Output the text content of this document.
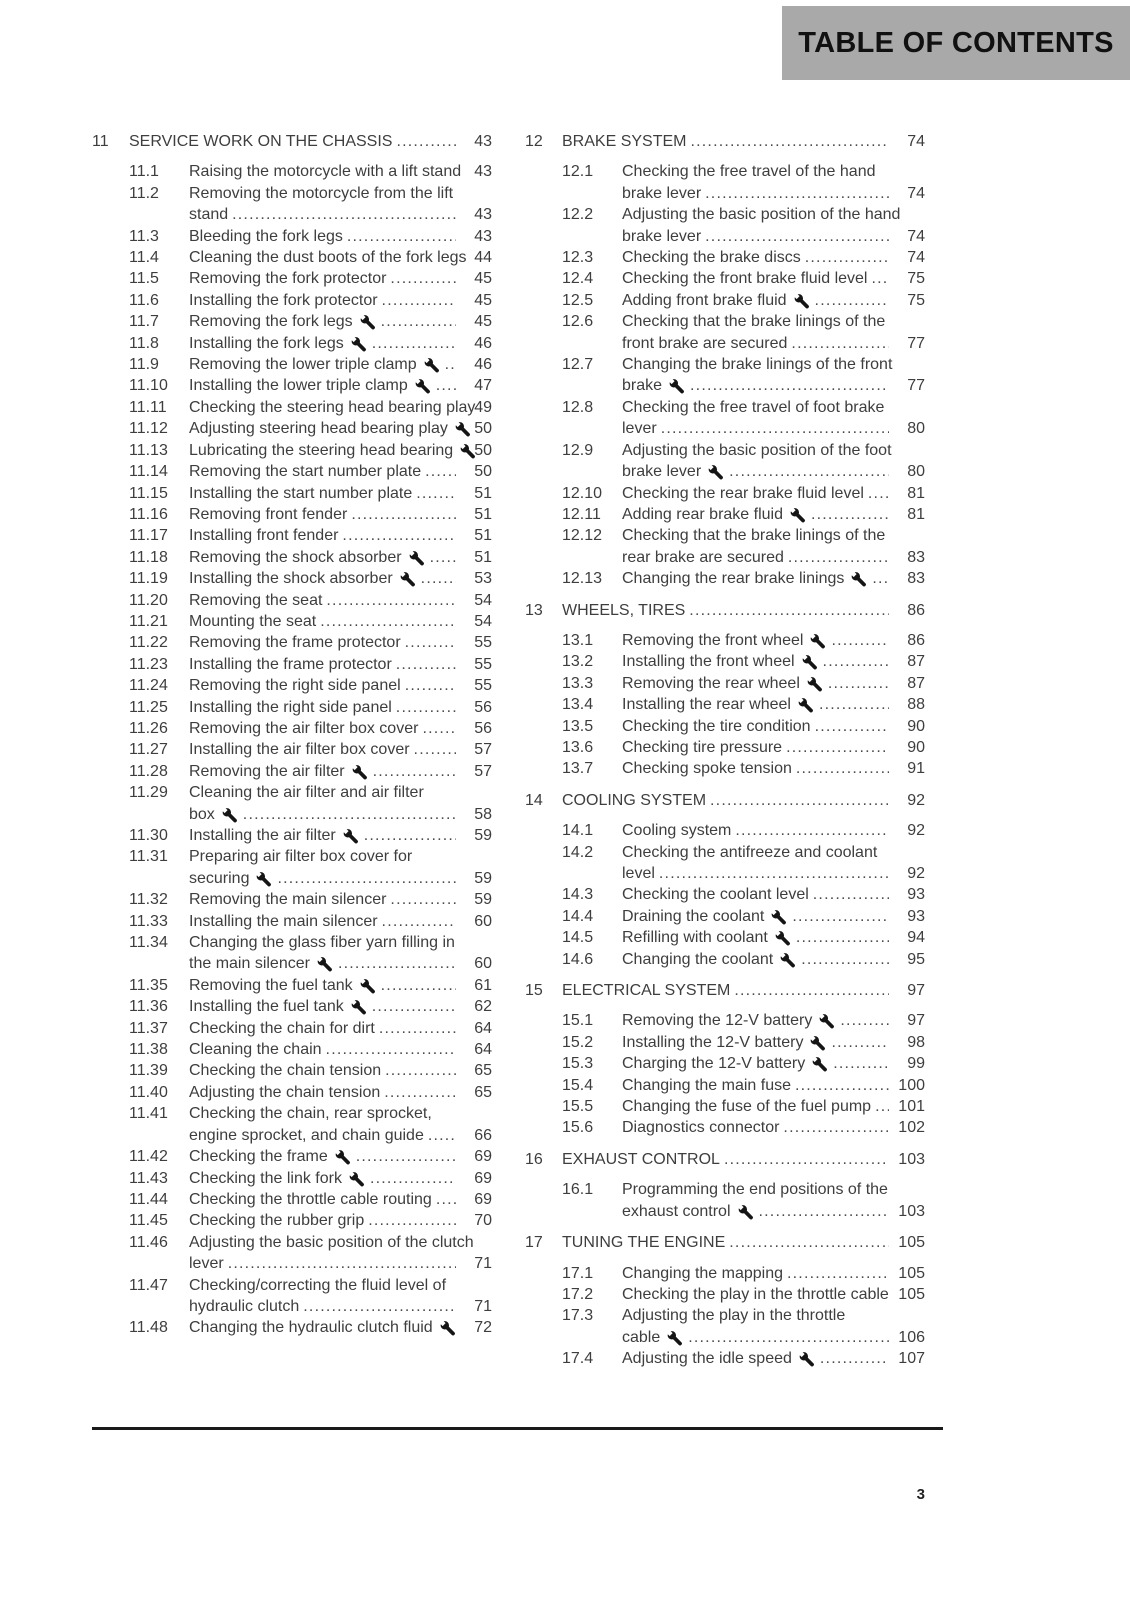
TABLE OF CONTENTS
11	SERVICE WORK ON THE CHASSIS .....	43
11.1	Raising the motorcycle with a lift stand 43
11.2	Removing the motorcycle from the lift
stand .....	43
11.3	Bleeding the fork legs .....	43
11.4	Cleaning the dust boots of the fork legs 44
11.5	Removing the fork protector .....	45
11.6	Installing the fork protector .....	45
11.7	Removing the fork legs .....	45
11.8	Installing the fork legs .....	46
11.9	Removing the lower triple clamp .....	46
11.10	Installing the lower triple clamp .....	47
11.11	Checking the steering head bearing play
49
11.12	Adjusting steering head bearing play 50
11.13	Lubricating the steering head bearing 50
11.14	Removing the start number plate .....	50
11.15	Installing the start number plate .....	51
11.16	Removing front fender .....	51
11.17	Installing front fender .....	51
11.18	Removing the shock absorber .....	51
11.19	Installing the shock absorber .....	53
11.20	Removing the seat .....	54
11.21	Mounting the seat .....	54
11.22	Removing the frame protector .....	55
11.23	Installing the frame protector .....	55
11.24	Removing the right side panel .....	55
11.25	Installing the right side panel .....	56
11.26	Removing the air filter box cover .....	56
11.27	Installing the air filter box cover .....	57
11.28	Removing the air filter .....	57
11.29	Cleaning the air filter and air filter
box .....	58
11.30	Installing the air filter .....	59
11.31	Preparing air filter box cover for
securing .....	59
11.32	Removing the main silencer .....	59
11.33	Installing the main silencer .....	60
11.34	Changing the glass fiber yarn filling in
the main silencer .....	60
11.35	Removing the fuel tank .....	61
11.36	Installing the fuel tank .....	62
11.37	Checking the chain for dirt .....	64
11.38	Cleaning the chain .....	64
11.39	Checking the chain tension .....	65
11.40	Adjusting the chain tension .....	65
11.41	Checking the chain, rear sprocket,
engine sprocket, and chain guide .....	66
11.42	Checking the frame .....	69
11.43	Checking the link fork .....	69
11.44	Checking the throttle cable routing .....	69
11.45	Checking the rubber grip .....	70
11.46	Adjusting the basic position of the clutch
lever .....	71
11.47	Checking/correcting the fluid level of
hydraulic clutch .....	71
11.48	Changing the hydraulic clutch fluid	72
12	BRAKE SYSTEM .....	74
12.1	Checking the free travel of the hand
brake lever .....	74
12.2	Adjusting the basic position of the hand
brake lever .....	74
12.3	Checking the brake discs .....	74
12.4	Checking the front brake fluid level ..... 75
12.5	Adding front brake fluid .....	75
12.6	Checking that the brake linings of the
front brake are secured .....	77
12.7	Changing the brake linings of the front
brake .....	77
12.8	Checking the free travel of foot brake
lever .....	80
12.9	Adjusting the basic position of the foot
brake lever .....	80
12.10	Checking the rear brake fluid level .....	81
12.11	Adding rear brake fluid .....	81
12.12	Checking that the brake linings of the
rear brake are secured .....	83
12.13	Changing the rear brake linings .....	83
13	WHEELS, TIRES .....	86
13.1	Removing the front wheel .....	86
13.2	Installing the front wheel .....	87
13.3	Removing the rear wheel .....	87
13.4	Installing the rear wheel .....	88
13.5	Checking the tire condition .....	90
13.6	Checking tire pressure .....	90
13.7	Checking spoke tension .....	91
14	COOLING SYSTEM .....	92
14.1	Cooling system .....	92
14.2	Checking the antifreeze and coolant
level .....	92
14.3	Checking the coolant level .....	93
14.4	Draining the coolant .....	93
14.5	Refilling with coolant .....	94
14.6	Changing the coolant .....	95
15	ELECTRICAL SYSTEM .....	97
15.1	Removing the 12-V battery .....	97
15.2	Installing the 12-V battery .....	98
15.3	Charging the 12-V battery .....	99
15.4	Changing the main fuse .....	100
15.5	Changing the fuse of the fuel pump ..... 101
15.6	Diagnostics connector .....	102
16	EXHAUST CONTROL .....	103
16.1	Programming the end positions of the
exhaust control .....	103
17	TUNING THE ENGINE .....	105
17.1	Changing the mapping .....	105
17.2	Checking the play in the throttle cable 105
17.3	Adjusting the play in the throttle
cable .....	106
17.4	Adjusting the idle speed .....	107
3
